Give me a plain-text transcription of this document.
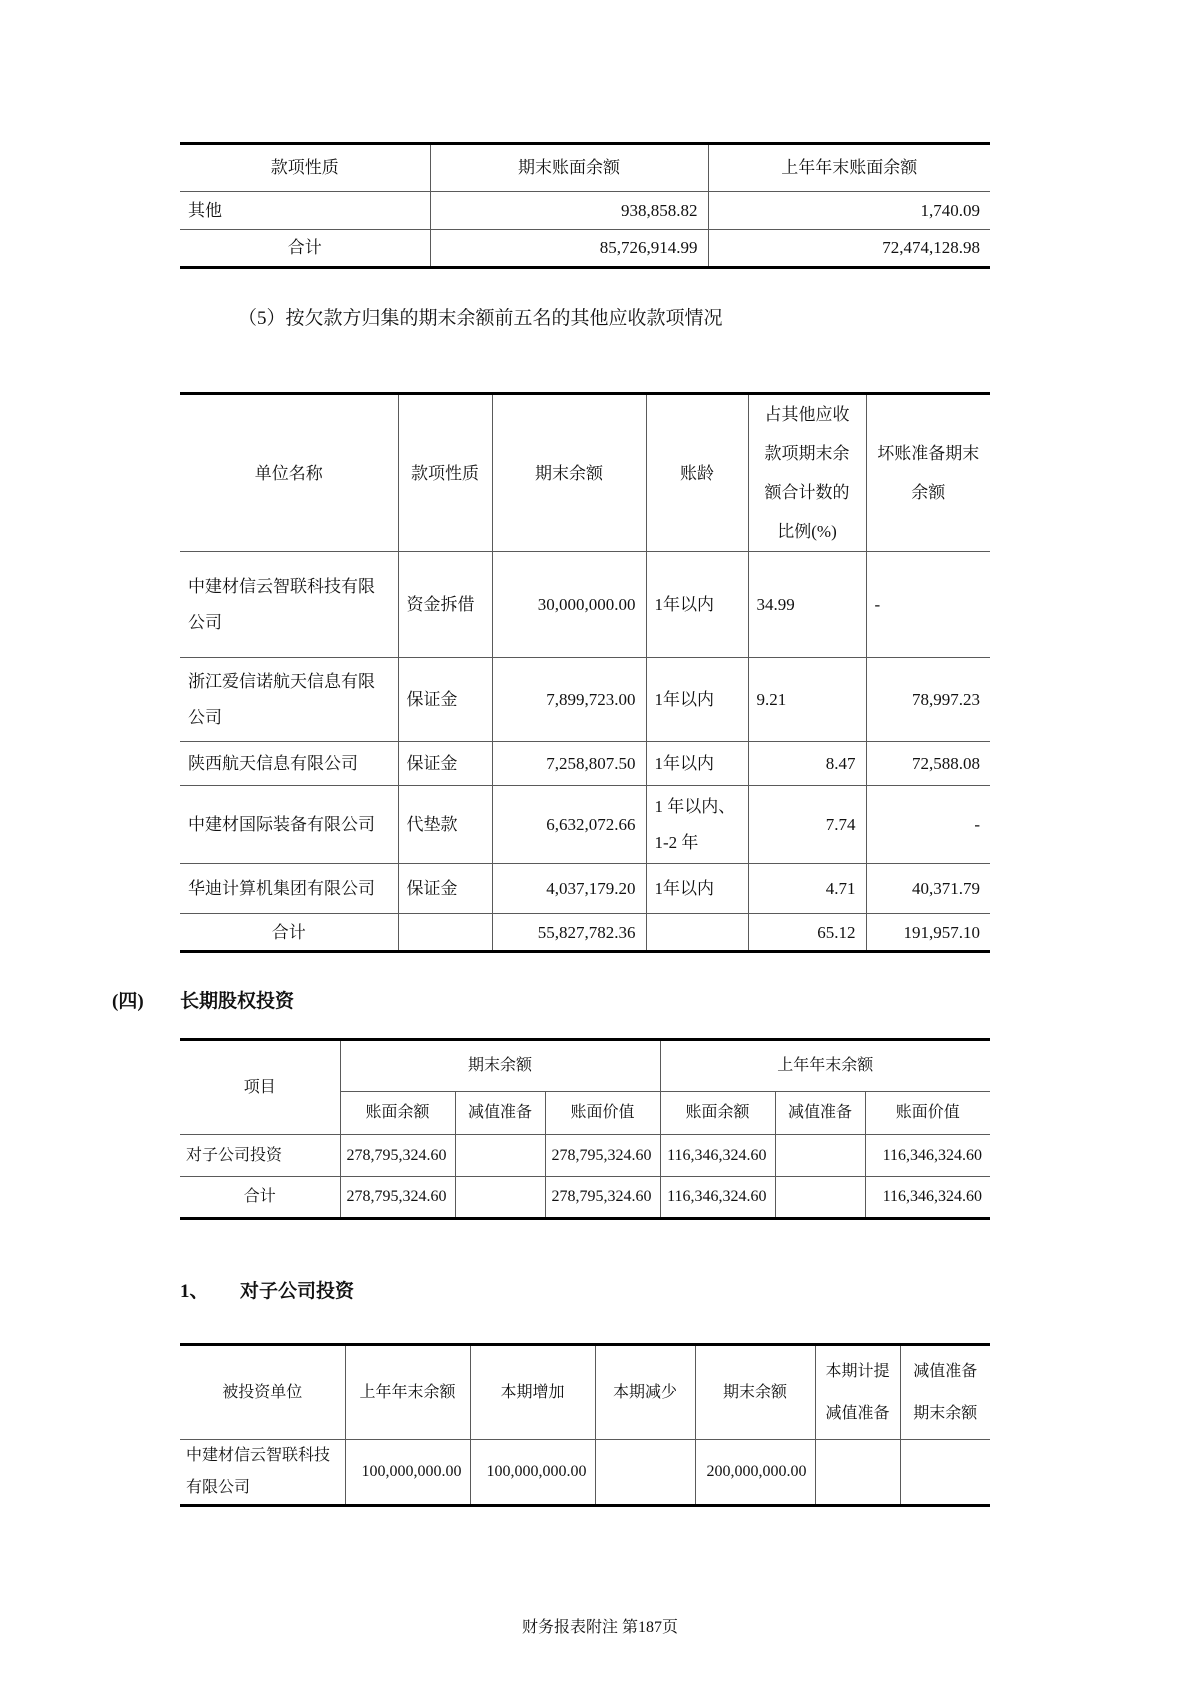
款项性质	期末账面余额	上年年末账面余额
其他	938,858.82	1,740.09
合计	85,726,914.99	72,474,128.98
（5）按欠款方归集的期末余额前五名的其他应收款项情况
单位名称	款项性质	期末余额	账龄	占其他应收款项期末余额合计数的比例(%)	坏账准备期末余额
中建材信云智联科技有限公司	资金拆借	30,000,000.00	1年以内	34.99	-
浙江爱信诺航天信息有限公司	保证金	7,899,723.00	1年以内	9.21	78,997.23
陕西航天信息有限公司	保证金	7,258,807.50	1年以内	8.47	72,588.08
中建材国际装备有限公司	代垫款	6,632,072.66	1 年以内、1-2 年	7.74	-
华迪计算机集团有限公司	保证金	4,037,179.20	1年以内	4.71	40,371.79
合计		55,827,782.36		65.12	191,957.10
(四) 长期股权投资
项目	期末余额			上年年末余额		
	账面余额	减值准备	账面价值	账面余额	减值准备	账面价值
对子公司投资	278,795,324.60		278,795,324.60	116,346,324.60		116,346,324.60
合计	278,795,324.60		278,795,324.60	116,346,324.60		116,346,324.60
1、 对子公司投资
被投资单位	上年年末余额	本期增加	本期减少	期末余额	本期计提减值准备	减值准备期末余额
中建材信云智联科技有限公司	100,000,000.00	100,000,000.00		200,000,000.00		
财务报表附注 第187页
